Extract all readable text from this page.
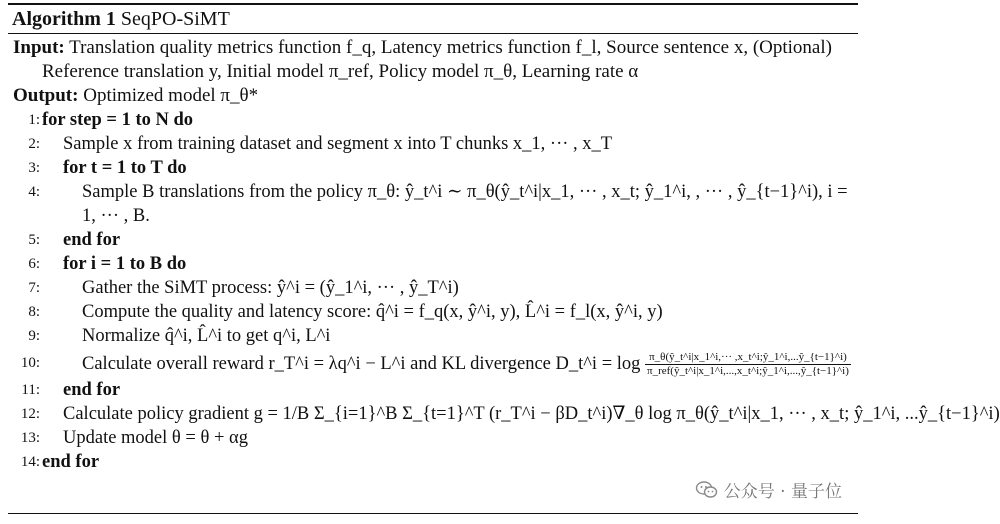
Algorithm 1 SeqPO-SiMT
Input: Translation quality metrics function f_q, Latency metrics function f_l, Source sentence x, (Optional)
Reference translation y, Initial model π_ref, Policy model π_θ, Learning rate α
Output: Optimized model π_θ*
1: for step = 1 to N do
2: Sample x from training dataset and segment x into T chunks x_1, ··· , x_T
3: for t = 1 to T do
4: Sample B translations from the policy π_θ: ŷ_t^i ∼ π_θ(ŷ_t^i|x_1, ··· , x_t; ŷ_1^i, , ··· , ŷ_{t−1}^i), i =
1, ··· , B.
5: end for
6: for i = 1 to B do
7: Gather the SiMT process: ŷ^i = (ŷ_1^i, ··· , ŷ_T^i)
8: Compute the quality and latency score: q̂^i = f_q(x, ŷ^i, y), L̂^i = f_l(x, ŷ^i, y)
9: Normalize q̂^i, L̂^i to get q^i, L^i
10: Calculate overall reward r_T^i = λq^i − L^i and KL divergence D_t^i = $\log \frac{\pi\_\theta(ŷ\_t\^{}i|x\_1\^{}i,\cdot\cdot\cdot ,x\_t\^{}i;ŷ\_1\^{}i,...ŷ\_\{t-1\}\^{}i)}{\text{π\_ref(ŷ\_t\textasciicircum{}i|x\_1\textasciicircum{}i,...,x\_t\textasciicircum{}i;ŷ\_1\textasciicircum{}i,...,ŷ\_\{t−1\}\textasciicircum{}i)}}$
11: end for
12: Calculate policy gradient g = 1/B Σ_{i=1}^B Σ_{t=1}^T (r_T^i − βD_t^i)∇_θ log π_θ(ŷ_t^i|x_1, ··· , x_t; ŷ_1^i, ...ŷ_{t−1}^i)
13: Update model θ = θ + αg
14: end for
公众号 · 量子位
